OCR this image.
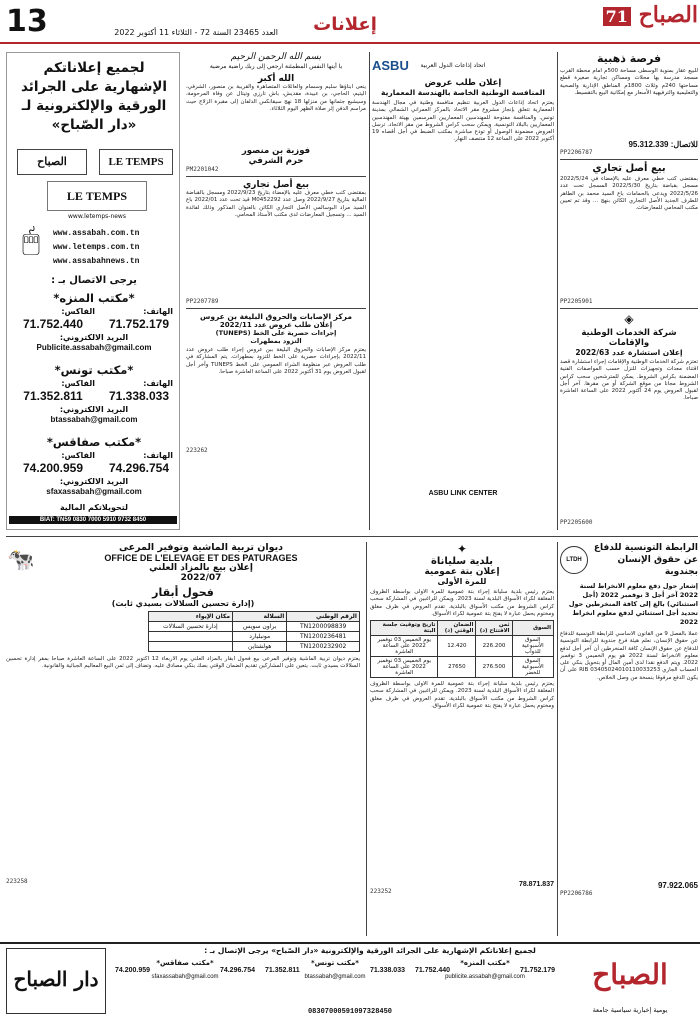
13	العدد 23465 السنة 72 - الثلاثاء 11 أكتوبر 2022	إعلانات	الصباح 71
فرصة ذهبية
للبيع عقار بمنوبة الوسطى مساحة 500م أمام محطة القرب مسجد مدرسة بها محلات ومساكن تجارية صغيرة قطع مساحتها 240م وثلاث 1800م المناطق الإدارية والصحية والتعليمية والترفيهية الأسعار مع إمكانية البيع بالتقسيط.
للاتصال: 95.312.339
PP2206787
بيع أصل تجاري
بمقتضى كتب خطي معرف عليه بالإمضاء في 2022/5/24 مسجل بقباضة بتاريخ 2022/5/30 المسجل تحت عدد 2022/5/26 ويدعى بالحمامات باع السيد محمد بن الطاهر للطرف الجديد الأصل التجاري الكائن بنهج ... وقد تم تعيين مكتب المحامي للمعارضات.
PP2205901
◈
شركة الخدمات الوطنية والإقامات
إعلان استشارة عدد 2022/63
تعتزم شركة الخدمات الوطنية والإقامات إجراء استشارة قصد اقتناء معدات وتجهيزات للنزل حسب المواصفات الفنية المضمنة بكراس الشروط. يمكن للمترشحين سحب كراس الشروط مجانا من موقع الشركة أو من مقرها. آخر أجل لقبول العروض يوم 24 أكتوبر 2022 على الساعة العاشرة صباحا.
PP2205600
اتحاد إذاعات الدول العربية
ASBU
إعلان طلب عروض
المنافسة الوطنية الخاصة بالهندسة المعمارية
يعتزم اتحاد إذاعات الدول العربية تنظيم منافسة وطنية في مجال الهندسة المعمارية تتعلق بإنجاز مشروع مقر الاتحاد بالمركز العمراني الشمالي بمدينة تونس. والمنافسة مفتوحة للمهندسين المعماريين المرسمين بهيئة المهندسين المعماريين بالبلاد التونسية. ويمكن سحب كراس الشروط من مقر الاتحاد. ترسل العروض مضمونة الوصول أو تودع مباشرة بمكتب الضبط في أجل أقصاه 19 أكتوبر 2022 على الساعة 12 منتصف النهار.
ASBU LINK CENTER
بسم الله الرحمن الرحيم
يا أيتها النفس المطمئنة ارجعي إلى ربك راضية مرضية
الله أكبر
ينعى أبناؤها سليم وسسام والعائلات المتصاهرة والقريبة بن منصور، الشرفي، اليتيم، الحاجي، بن عبيدة، مقديش، باش تارزي وتيتال عن وفاة المرحومة، وسيشيع جثمانها من منزلها 18 نهج سيقانكس الدلفان إلى مقبرة الزلاج حيث مراسم الدفن إثر صلاة الظهر اليوم الثلاثاء.
فوزية بن منصور
حرم الشرفي
PM2201042
بيع أصل تجاري
بمقتضى كتب خطي معرف عليه بالإمضاء بتاريخ 2022/9/23 ومسجل بالقباضة المالية بتاريخ 2022/9/27 وصل عدد M0452292 قيد تحت عدد 2022/01 باع السيد مراد البوسالمي الأصل التجاري الكائن بالعنوان المذكور وذلك لفائدة السيد ... وتسجيل المعارضات لدى مكتب الأستاذ المحامي.
PP2207789
مركز الإصابات والحروق البليغة بن عروس
إعلان طلب عروض عدد 2022/11
إجراءات حصرية على الخط (TUNEPS)
التزود بمطهرات
يعتزم مركز الإصابات والحروق البليغة ببن عروس إجراء طلب عروض عدد 2022/11 بإجراءات حصرية على الخط للتزود بمطهرات. يتم المشاركة في طلب العروض عبر منظومة الشراء العمومي على الخط TUNEPS وآخر أجل لقبول العروض يوم 31 أكتوبر 2022 على الساعة العاشرة صباحا.
223262
لجميع إعلاناتكم الإشهارية على الجرائد الورقية والإلكترونية لـ «دار الصّباح»
الصباح	LE TEMPS
LE TEMPS
www.letemps-news
🖱	www.assabah.com.tn
www.letemps.com.tn
www.assabahnews.tn
يرجى الاتصال بـ :
*مكتب المنزه*
الهاتف:
الفاكس:
71.752.179
71.752.440
البريد الالكتروني:
Publicite.assabah@gmail.com
*مكتب تونس*
الهاتف:
الفاكس:
71.338.033
71.352.811
البريد الالكتروني:
btassabah@gmail.com
*مكتب صفاقس*
الهاتف:
الفاكس:
74.296.754
74.200.959
البريد الالكتروني:
sfaxassabah@gmail.com
لتحويلاتكم المالية
BIAT: TN59 0830 7000 5910 9732 8450
الرابطة التونسية للدفاع عن حقوق الإنسان بجندوبة
LTDH
إشعار حول دفع معلوم الانخراط لسنة 2022 آخر أجل 3 نوفمبر 2022 (أجل استثنائي) بالغ إلى كافة المنخرطين حول تحديد أجل استثنائي لدفع معلوم انخراط 2022
عملا بالفصل 9 من القانون الأساسي للرابطة التونسية للدفاع عن حقوق الإنسان، نعلم هيئة فرع جندوبة للرابطة التونسية للدفاع عن حقوق الإنسان كافة المنخرطين أن آخر أجل لدفع معلوم الانخراط لسنة 2022 هو يوم الخميس 3 نوفمبر 2022. ويتم الدفع نقدا لدى أمين المال أو بتحويل بنكي على الحساب الجاري RIB 03405024010110033253 على أن يكون الدفع مرفوقا بنسخة من وصل الخلاص.
97.922.065
PP2206786
✦
بلدية سلياناة
إعلان بتة عمومية
للمرة الأولى
يعتزم رئيس بلدية سليانة إجراء بتة عمومية للمرة الأولى بواسطة الظروف المغلقة لكراء الأسواق البلدية لسنة 2023. ويمكن للراغبين في المشاركة سحب كراس الشروط من مكتب الأسواق بالبلدية. تقدم العروض في ظرف مغلق ومختوم يحمل عبارة لا يفتح بتة عمومية لكراء الأسواق.
السوق	ثمن الافتتاح (د)	الضمان الوقتي (د)	تاريخ وتوقيت جلسة البتة
السوق الأسبوعية للدواب	226.200	12.420	يوم الخميس 03 نوفمبر 2022 على الساعة العاشرة
السوق الأسبوعية للخضر	276.500	27650	يوم الخميس 03 نوفمبر 2022 على الساعة العاشرة
يعتزم رئيس بلدية سليانة إجراء بتة عمومية للمرة الأولى بواسطة الظروف المغلقة لكراء الأسواق البلدية لسنة 2023. ويمكن للراغبين في المشاركة سحب كراس الشروط من مكتب الأسواق بالبلدية. تقدم العروض في ظرف مغلق ومختوم يحمل عبارة لا يفتح بتة عمومية لكراء الأسواق.
78.871.837
223252
ديوان تربية الماشية وتوفير المرعى
OFFICE DE L'ELEVAGE ET DES PATURAGES
إعلان بيع بالمزاد العلني
2022/07
🐄
فحول أبقار
(إدارة تحسين السلالات بسيدي ثابت)
الرقم الوطني	السلالة	مكان الإيواء
TN1200098839	براون سويس	إدارة تحسين السلالات
TN1200236481	مونبليارد	
TN1200232902	هولشتاين	
يعتزم ديوان تربية الماشية وتوفير المرعى بيع فحول أبقار بالمزاد العلني يوم الأربعاء 12 أكتوبر 2022 على الساعة العاشرة صباحا بمقر إدارة تحسين السلالات بسيدي ثابت. يتعين على المشاركين تقديم الضمان الوقتي بصك بنكي مصادق عليه. وتضاف إلى ثمن البيع المعاليم الجبائية والقانونية.
223258
لجميع إعلاناتكم الإشهارية على الجرائد الورقية والإلكترونية «دار الصّباح» يرجى الإتصال بـ :
دار الصباح
*مكتب صفاقس*
74.200.959	74.296.754
sfaxassabah@gmail.com
*مكتب تونس*
71.352.811	71.338.033
btassabah@gmail.com
*مكتب المنزه*
71.752.440	71.752.179
publicite.assabah@gmail.com
08307000591097328450
الصباح
يومية إخبارية سياسية جامعة
